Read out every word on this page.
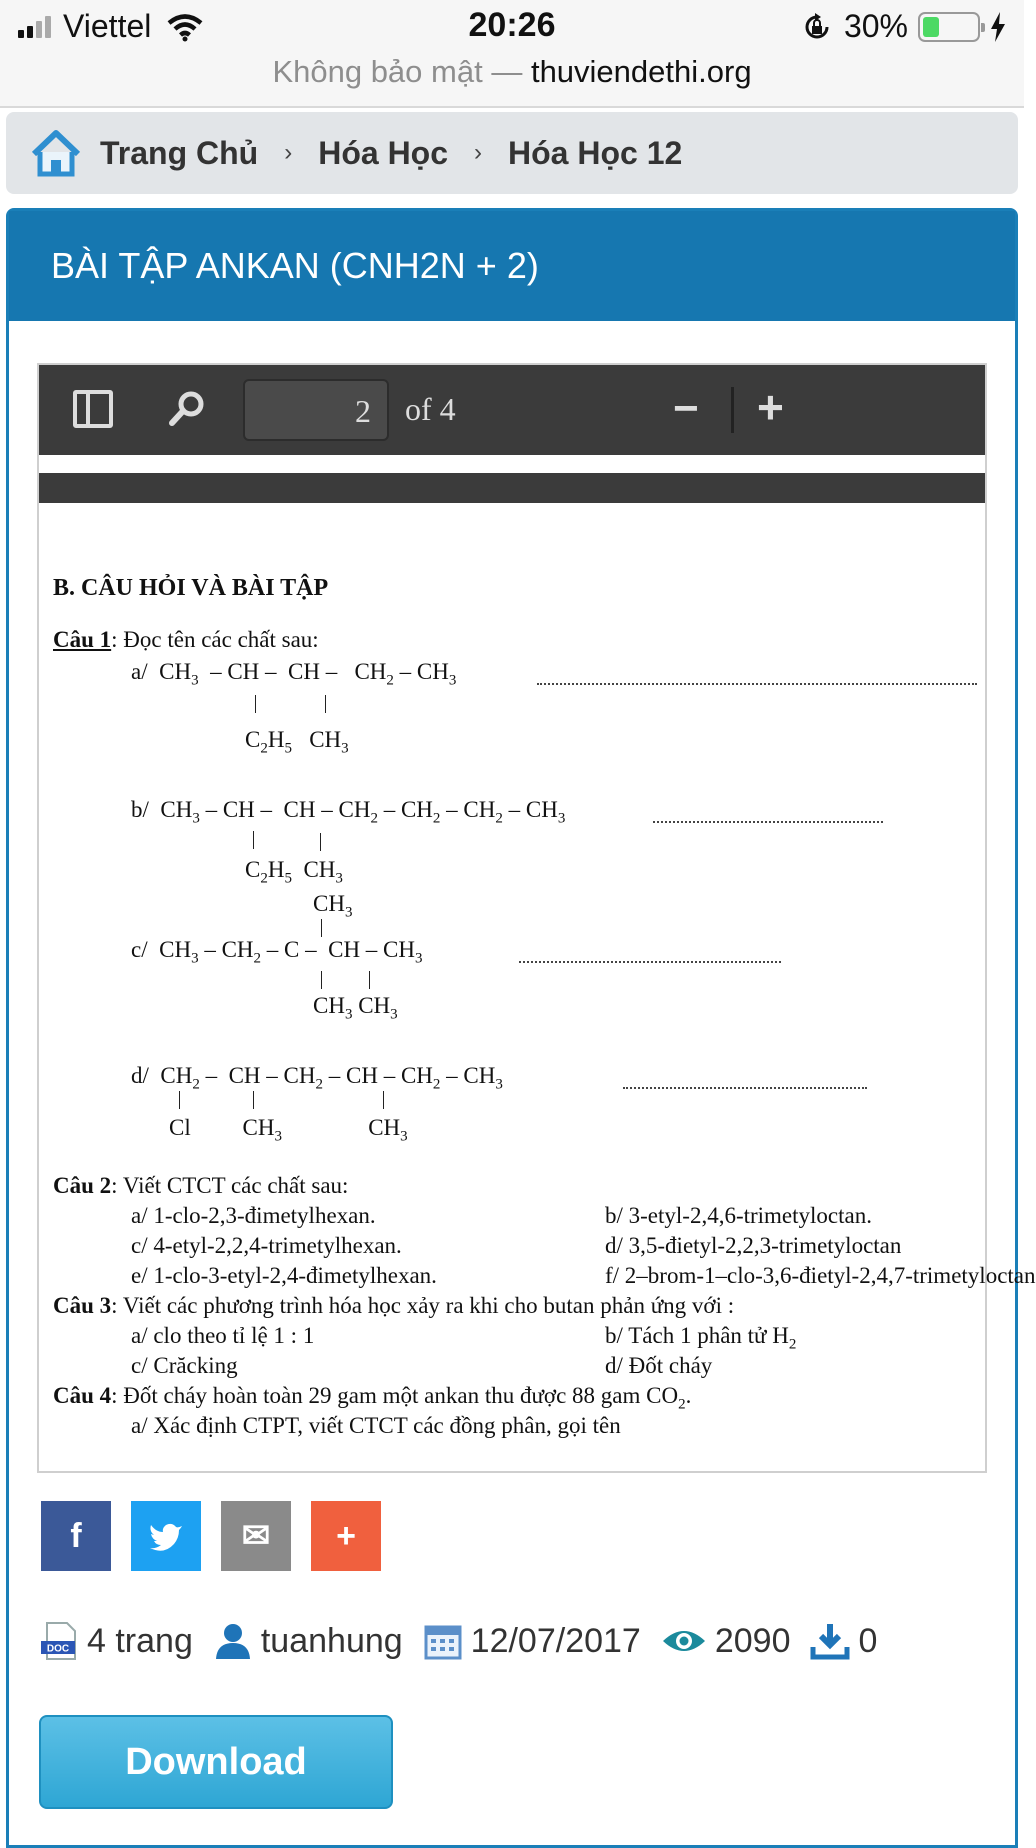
Viettel	20:26	30%
Không bảo mật — thuviendethi.org
Trang Chủ › Hóa Học › Hóa Học 12
BÀI TẬP ANKAN (CNH2N + 2)
2	of 4	− +
B. CÂU HỎI VÀ BÀI TẬP
Câu 1: Đọc tên các chất sau:
a/  $CH_3$  – CH –  CH –   $CH_2 - CH_3$
$C_2H_5$   $CH_3$
b/  $CH_3$ – CH –  CH – $CH_2 - CH_2 - CH_2 - CH_3$
$C_2H_5$  $CH_3$
$CH_3$
c/  $CH_3 - CH_2$ – C –  CH – $CH_3$
$CH_3$ $CH_3$
d/  $CH_2$ –  CH – $CH_2$ – CH – $CH_2 - CH_3$
Cl         $CH_3$               $CH_3$
Câu 2: Viết CTCT các chất sau:
a/ 1-clo-2,3-đimetylhexan.	b/ 3-etyl-2,4,6-trimetyloctan.
c/ 4-etyl-2,2,4-trimetylhexan.	d/ 3,5-đietyl-2,2,3-trimetyloctan
e/ 1-clo-3-etyl-2,4-đimetylhexan.	f/ 2–brom-1–clo-3,6-đietyl-2,4,7-trimetyloctan
Câu 3: Viết các phương trình hóa học xảy ra khi cho butan phản ứng với :
a/ clo theo tỉ lệ 1 : 1	b/ Tách 1 phân tử $H_2$
c/ Crăcking	d/ Đốt cháy
Câu 4: Đốt cháy hoàn toàn 29 gam một ankan thu được 88 gam $CO_2$.
a/ Xác định CTPT, viết CTCT các đồng phân, gọi tên
f	✉ +
DOC 4 trang tuanhung 12/07/2017 2090 0
Download
